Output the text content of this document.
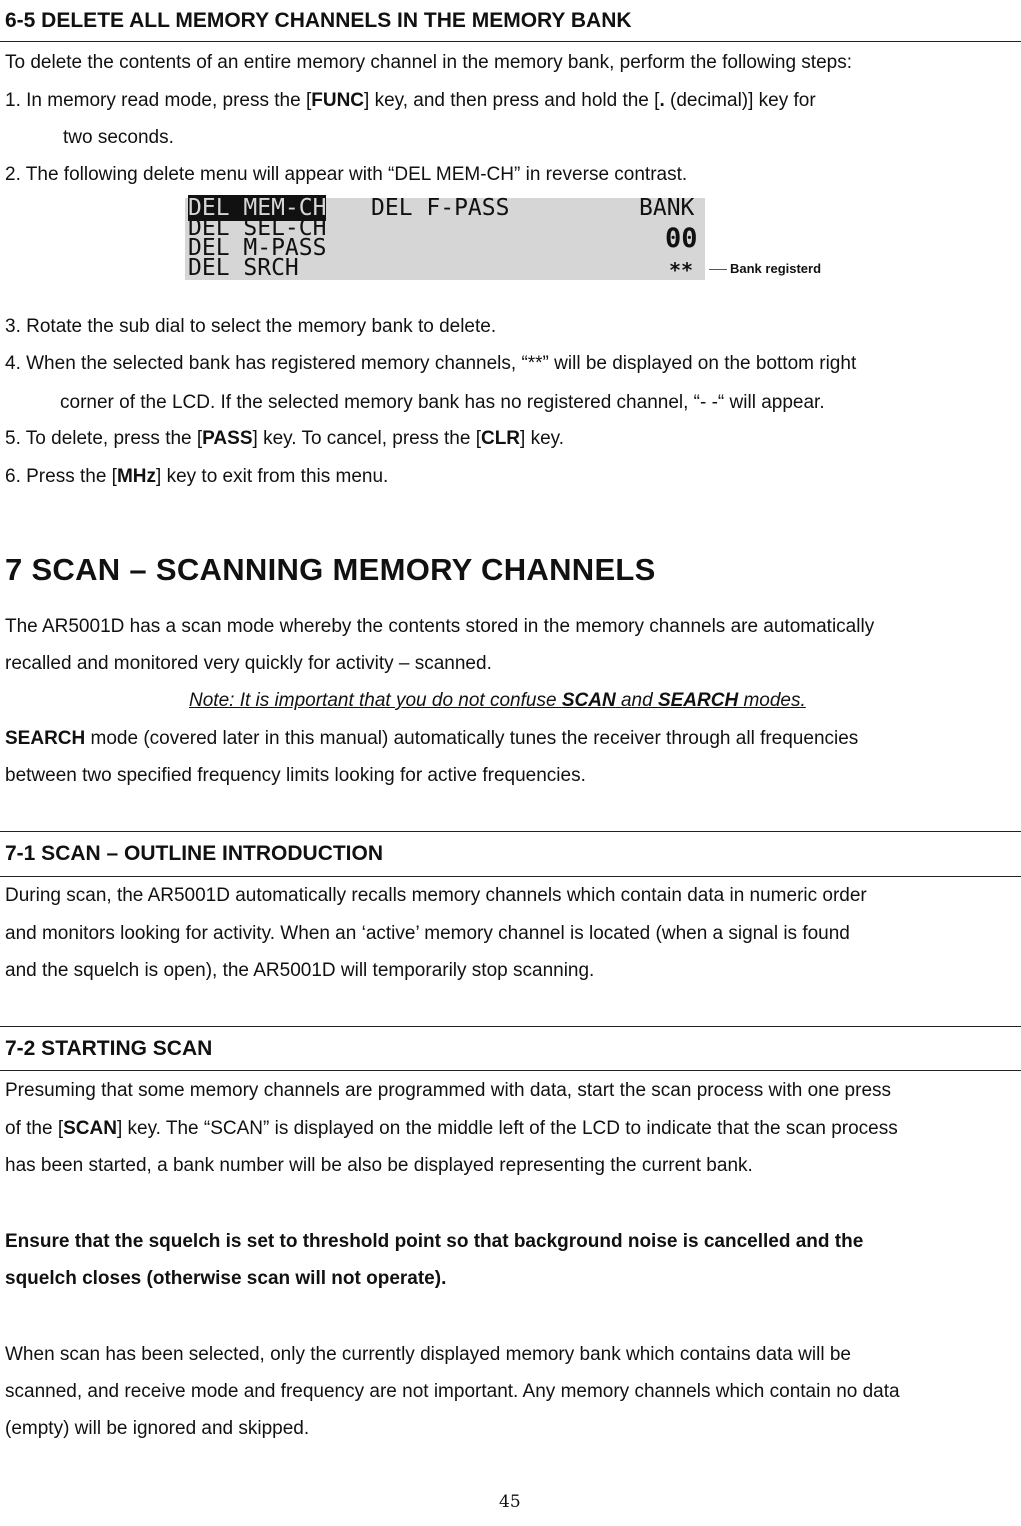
6-5 DELETE ALL MEMORY CHANNELS IN THE MEMORY BANK
To delete the contents of an entire memory channel in the memory bank, perform the following steps:
1. In memory read mode, press the [FUNC] key, and then press and hold the [. (decimal)] key for
two seconds.
2. The following delete menu will appear with “DEL MEM-CH” in reverse contrast.
DEL MEM-CH DEL F-PASS	BANK
DEL SEL-CH
DEL M-PASS
DEL SRCH
00
**	Bank registerd
3. Rotate the sub dial to select the memory bank to delete.
4. When the selected bank has registered memory channels, “**” will be displayed on the bottom right
corner of the LCD. If the selected memory bank has no registered channel, “- -“ will appear.
5. To delete, press the [PASS] key. To cancel, press the [CLR] key.
6. Press the [MHz] key to exit from this menu.
7 SCAN – SCANNING MEMORY CHANNELS
The AR5001D has a scan mode whereby the contents stored in the memory channels are automatically
recalled and monitored very quickly for activity – scanned.
Note: It is important that you do not confuse SCAN and SEARCH modes.
SEARCH mode (covered later in this manual) automatically tunes the receiver through all frequencies
between two specified frequency limits looking for active frequencies.
7-1 SCAN – OUTLINE INTRODUCTION
During scan, the AR5001D automatically recalls memory channels which contain data in numeric order
and monitors looking for activity. When an ‘active’ memory channel is located (when a signal is found
and the squelch is open), the AR5001D will temporarily stop scanning.
7-2 STARTING SCAN
Presuming that some memory channels are programmed with data, start the scan process with one press
of the [SCAN] key. The “SCAN” is displayed on the middle left of the LCD to indicate that the scan process
has been started, a bank number will be also be displayed representing the current bank.
Ensure that the squelch is set to threshold point so that background noise is cancelled and the
squelch closes (otherwise scan will not operate).
When scan has been selected, only the currently displayed memory bank which contains data will be
scanned, and receive mode and frequency are not important. Any memory channels which contain no data
(empty) will be ignored and skipped.
45
